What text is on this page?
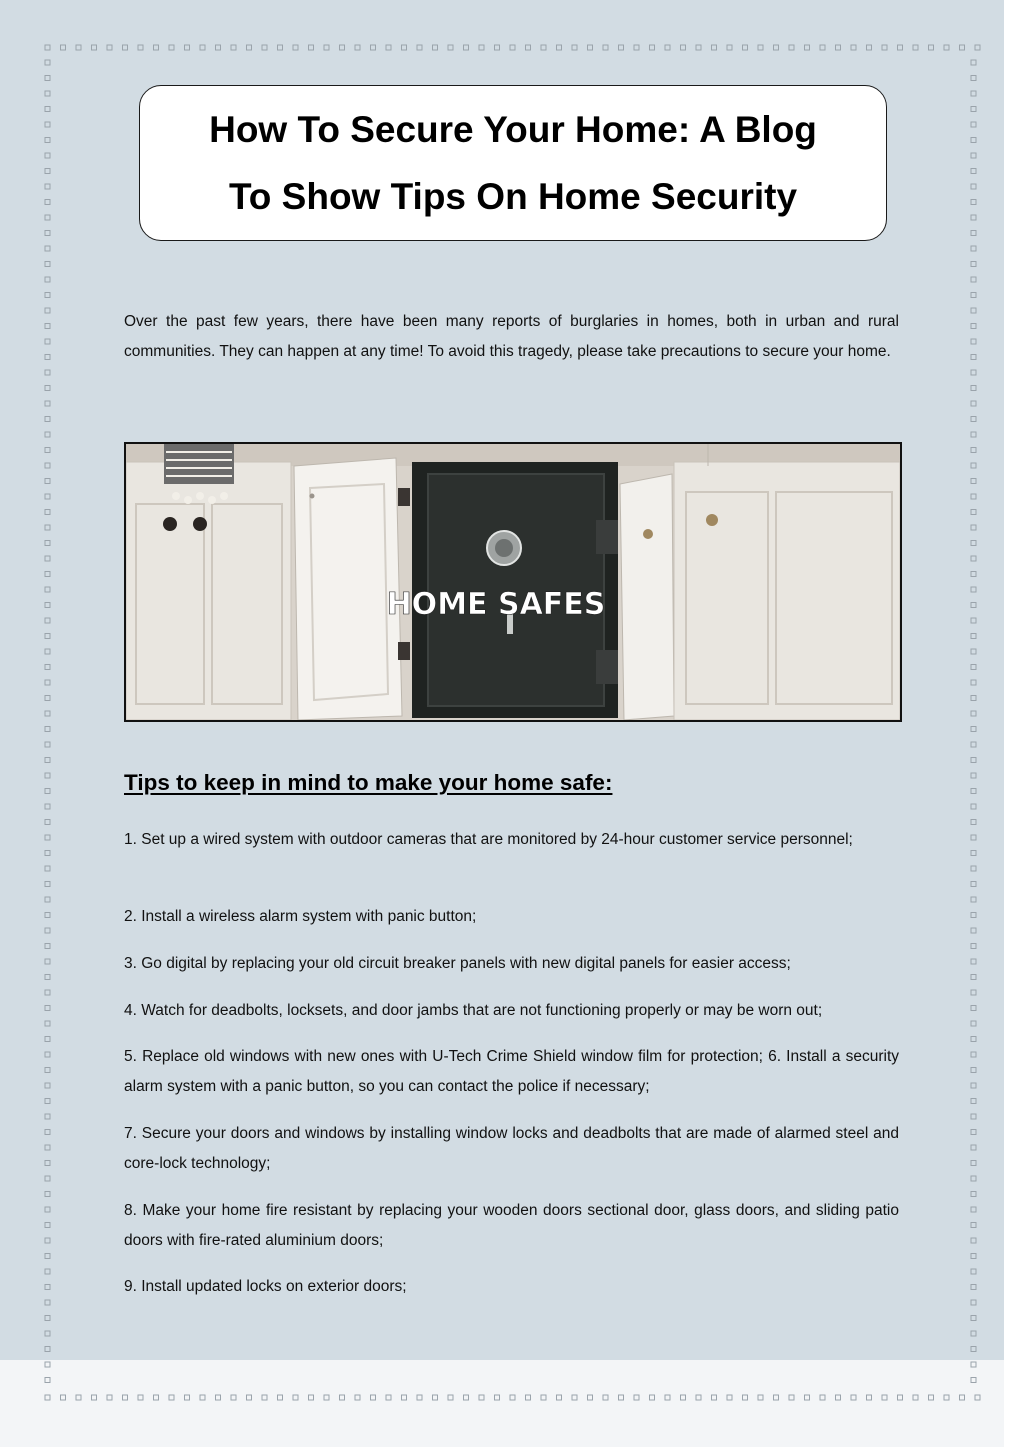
How To Secure Your Home: A Blog
To Show Tips On Home Security

Over the past few years, there have been many reports of burglaries in homes, both in urban and rural communities. They can happen at any time! To avoid this tragedy, please take precautions to secure your home.

HOME SAFES
Tips to keep in mind to make your home safe:

1. Set up a wired system with outdoor cameras that are monitored by 24-hour customer service personnel;

2. Install a wireless alarm system with panic button;

3. Go digital by replacing your old circuit breaker panels with new digital panels for easier access;

4. Watch for deadbolts, locksets, and door jambs that are not functioning properly or may be worn out;

5. Replace old windows with new ones with U-Tech Crime Shield window film for protection; 6. Install a security alarm system with a panic button, so you can contact the police if necessary;

7. Secure your doors and windows by installing window locks and deadbolts that are made of alarmed steel and core-lock technology;

8. Make your home fire resistant by replacing your wooden doors sectional door, glass doors, and sliding patio doors with fire-rated aluminium doors;

9. Install updated locks on exterior doors;
